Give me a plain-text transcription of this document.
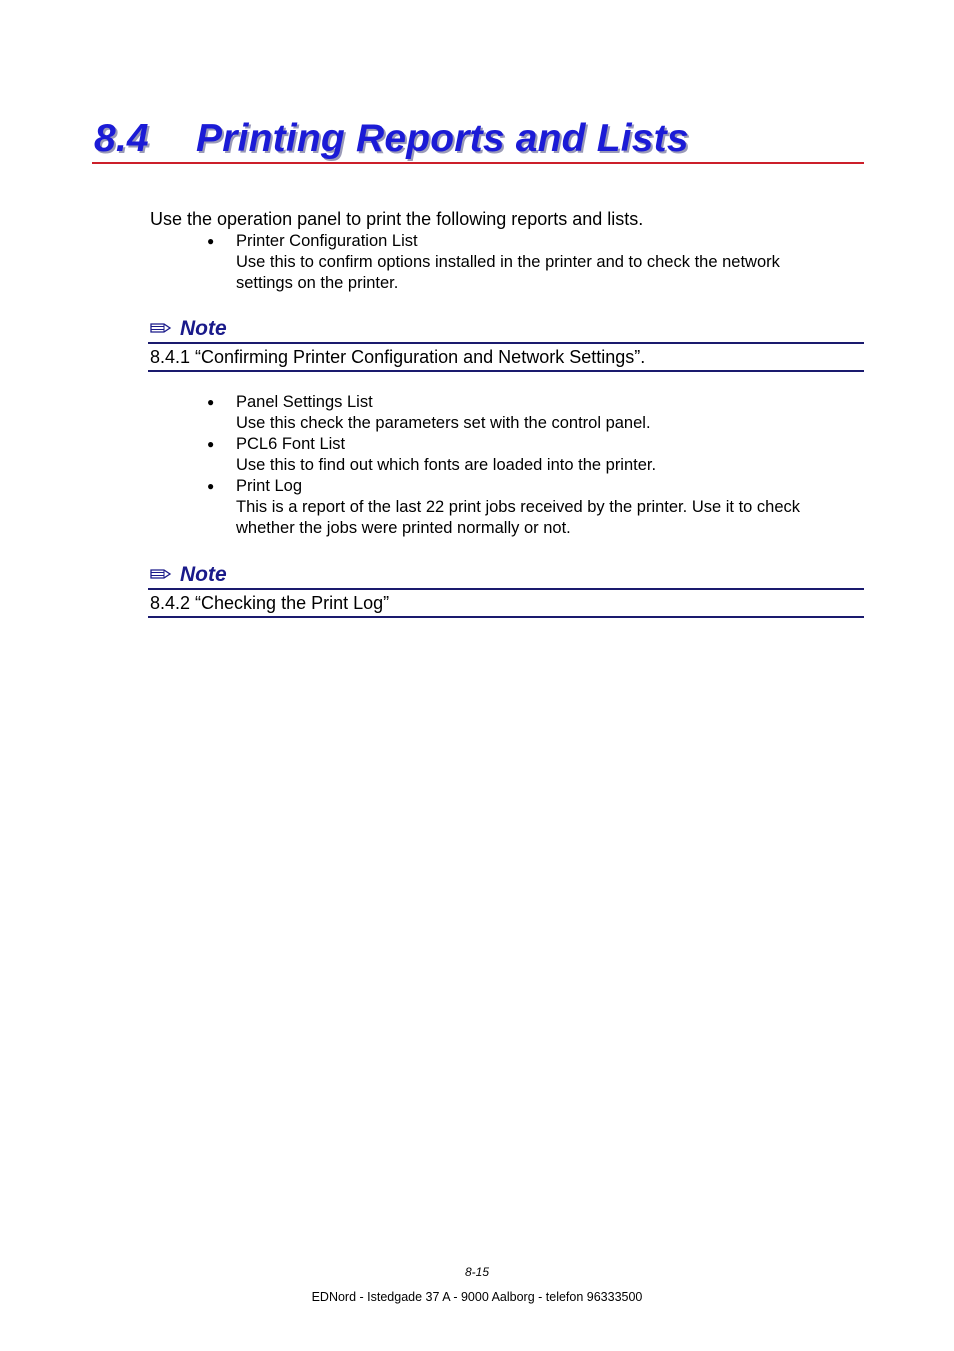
8.4 Printing Reports and Lists
Use the operation panel to print the following reports and lists.
● Printer Configuration List
Use this to confirm options installed in the printer and to check the network
settings on the printer.
Note
8.4.1 “Confirming Printer Configuration and Network Settings”.
● Panel Settings List
Use this check the parameters set with the control panel.
● PCL6 Font List
Use this to find out which fonts are loaded into the printer.
● Print Log
This is a report of the last 22 print jobs received by the printer. Use it to check
whether the jobs were printed normally or not.
Note
8.4.2 “Checking the Print Log”
8-15
EDNord - Istedgade 37 A - 9000 Aalborg - telefon 96333500
